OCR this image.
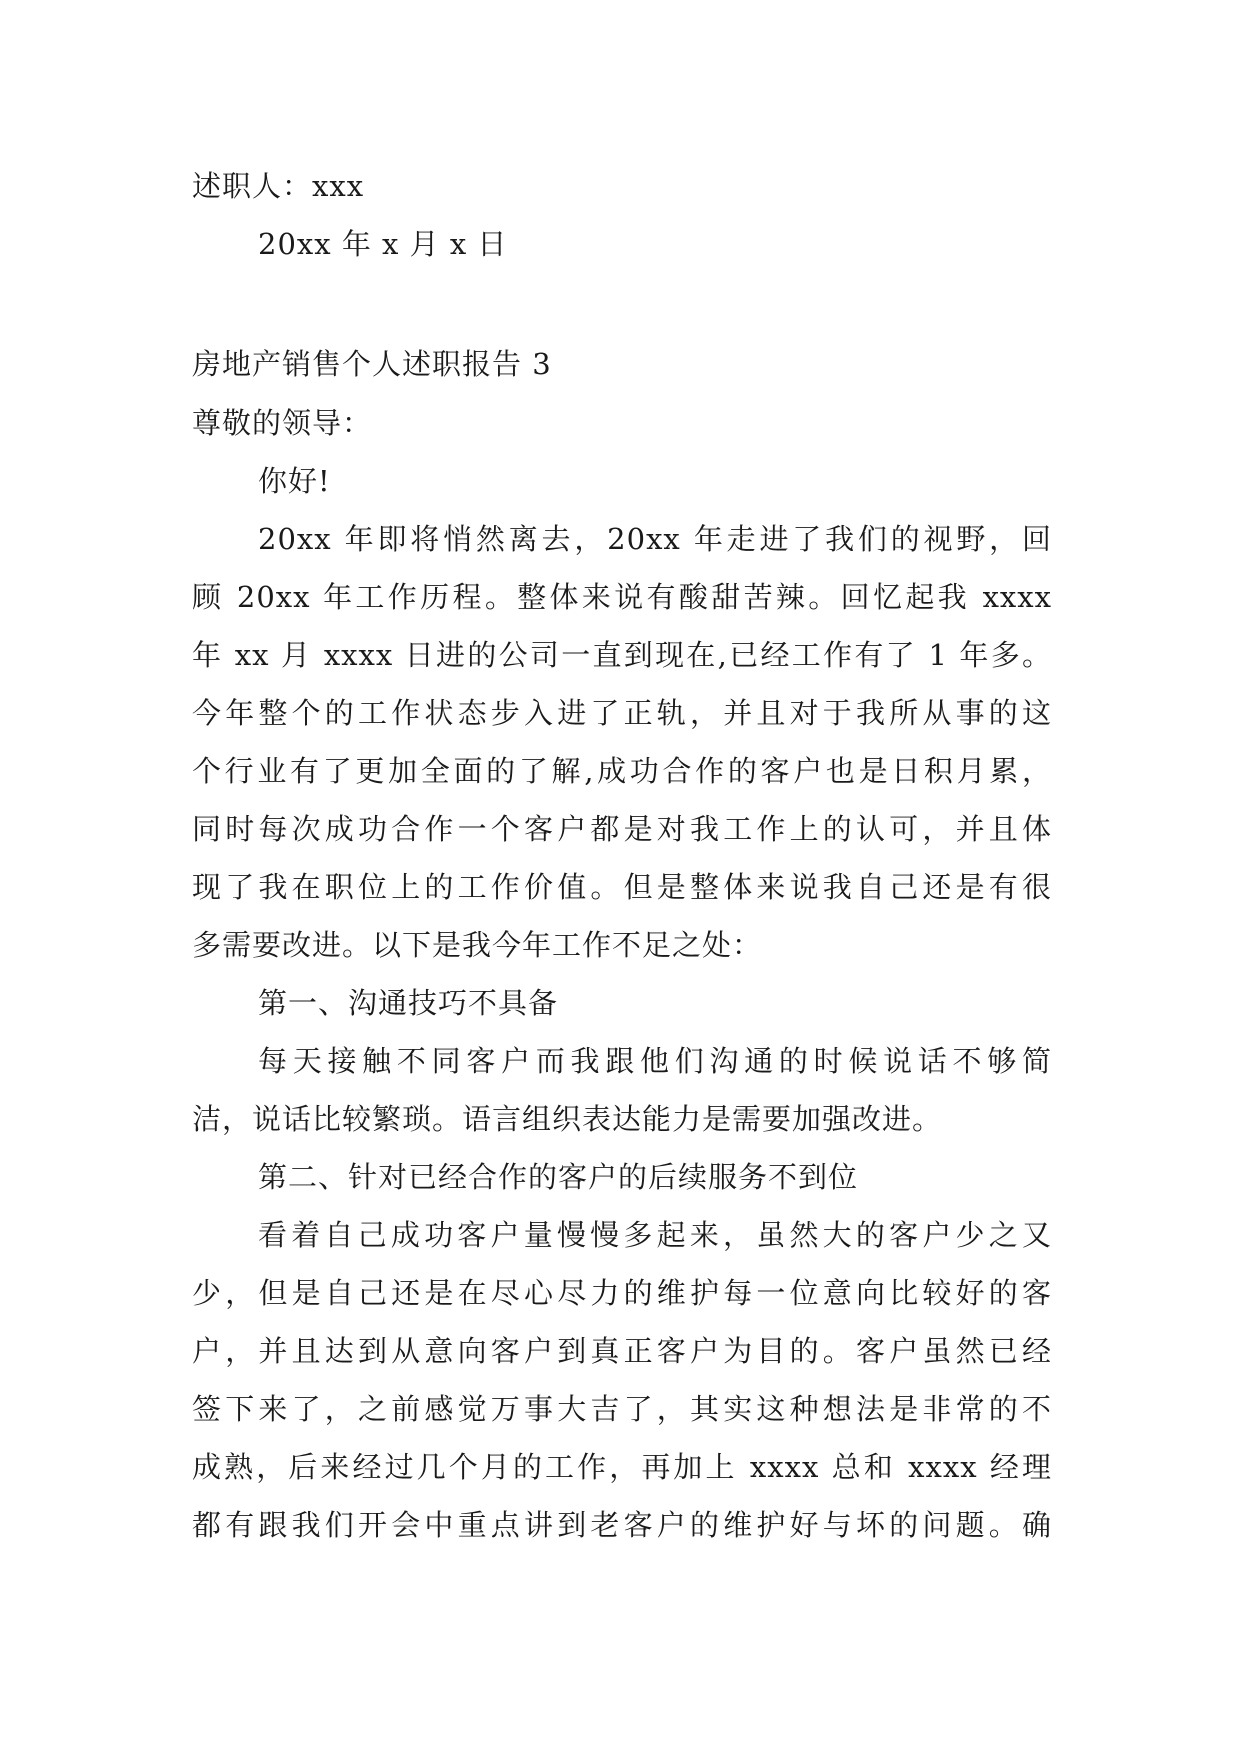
述职人：xxx
20xx 年 x 月 x 日
房地产销售个人述职报告 3
尊敬的领导：
你好!
20xx 年即将悄然离去，20xx 年走进了我们的视野，回
顾 20xx 年工作历程。整体来说有酸甜苦辣。回忆起我 xxxx
年 xx 月 xxxx 日进的公司一直到现在,已经工作有了 1 年多。
今年整个的工作状态步入进了正轨，并且对于我所从事的这
个行业有了更加全面的了解,成功合作的客户也是日积月累，
同时每次成功合作一个客户都是对我工作上的认可，并且体
现了我在职位上的工作价值。但是整体来说我自己还是有很
多需要改进。以下是我今年工作不足之处：
第一、沟通技巧不具备
每天接触不同客户而我跟他们沟通的时候说话不够简
洁，说话比较繁琐。语言组织表达能力是需要加强改进。
第二、针对已经合作的客户的后续服务不到位
看着自己成功客户量慢慢多起来，虽然大的客户少之又
少，但是自己还是在尽心尽力的维护每一位意向比较好的客
户，并且达到从意向客户到真正客户为目的。客户虽然已经
签下来了，之前感觉万事大吉了，其实这种想法是非常的不
成熟，后来经过几个月的工作，再加上 xxxx 总和 xxxx 经理
都有跟我们开会中重点讲到老客户的维护好与坏的问题。确
